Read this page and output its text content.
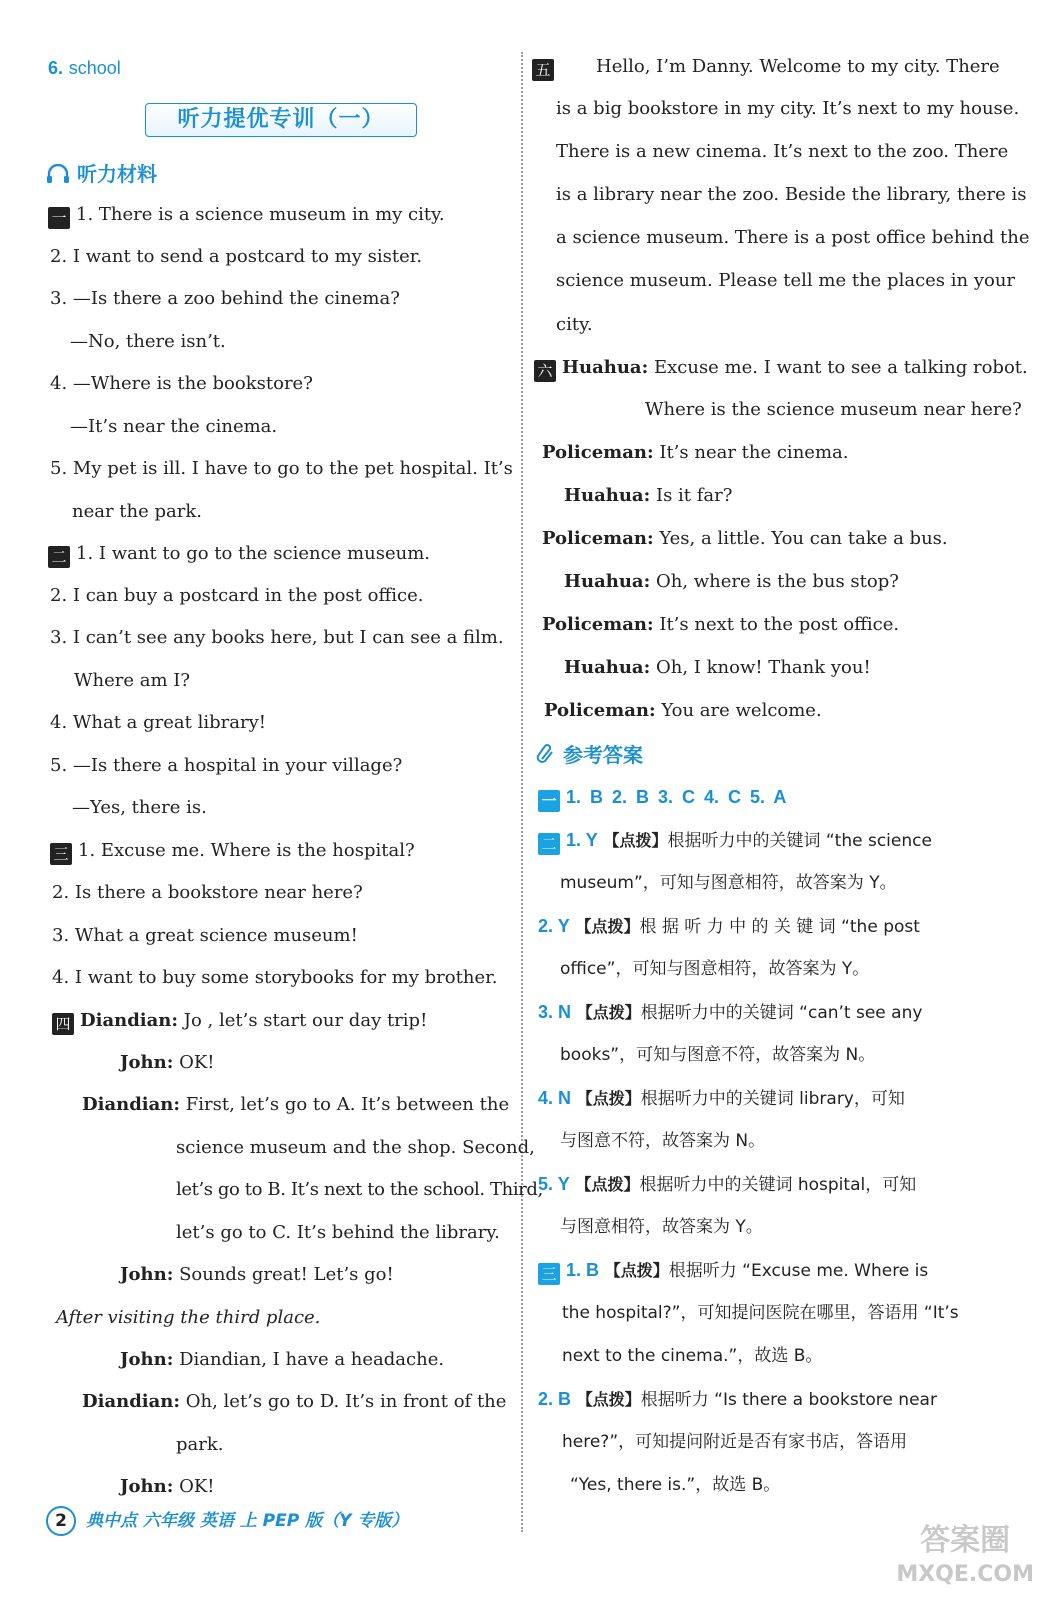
6. school
听力提优专训（一）
听力材料
一 1. There is a science museum in my city.
2. I want to send a postcard to my sister.
3. —Is there a zoo behind the cinema?
—No, there isn’t.
4. —Where is the bookstore?
—It’s near the cinema.
5. My pet is ill. I have to go to the pet hospital. It’s
near the park.
二 1. I want to go to the science museum.
2. I can buy a postcard in the post office.
3. I can’t see any books here, but I can see a film.
Where am I?
4. What a great library!
5. —Is there a hospital in your village?
—Yes, there is.
三 1. Excuse me. Where is the hospital?
2. Is there a bookstore near here?
3. What a great science museum!
4. I want to buy some storybooks for my brother.
四 Diandian: Jo , let’s start our day trip!
John: OK!
Diandian: First, let’s go to A. It’s between the
science museum and the shop. Second,
let’s go to B. It’s next to the school. Third,
let’s go to C. It’s behind the library.
John: Sounds great! Let’s go!
After visiting the third place.
John: Diandian, I have a headache.
Diandian: Oh, let’s go to D. It’s in front of the
park.
John: OK!
五	Hello, I’m Danny. Welcome to my city. There
is a big bookstore in my city. It’s next to my house.
There is a new cinema. It’s next to the zoo. There
is a library near the zoo. Beside the library, there is
a science museum. There is a post office behind the
science museum. Please tell me the places in your
city.
六 Huahua: Excuse me. I want to see a talking robot.
Where is the science museum near here?
Policeman: It’s near the cinema.
Huahua: Is it far?
Policeman: Yes, a little. You can take a bus.
Huahua: Oh, where is the bus stop?
Policeman: It’s next to the post office.
Huahua: Oh, I know! Thank you!
Policeman: You are welcome.
参考答案
一 1. B 2. B 3. C 4. C 5. A
二 1. Y 【点拨】根据听力中的关键词 “the science
museum”，可知与图意相符，故答案为 Y。
2. Y 【点拨】根 据 听 力 中 的 关 键 词 “the post
office”，可知与图意相符，故答案为 Y。
3. N 【点拨】根据听力中的关键词 “can’t see any
books”，可知与图意不符，故答案为 N。
4. N 【点拨】根据听力中的关键词 library，可知
与图意不符，故答案为 N。
5. Y 【点拨】根据听力中的关键词 hospital，可知
与图意相符，故答案为 Y。
三 1. B 【点拨】根据听力 “Excuse me. Where is
the hospital?”，可知提问医院在哪里，答语用 “It’s
next to the cinema.”，故选 B。
2. B 【点拨】根据听力 “Is there a bookstore near
here?”，可知提问附近是否有家书店，答语用
“Yes, there is.”，故选 B。
2 典中点 六年级 英语 上 PEP 版（Y 专版）
答案圈
MXQE.COM
